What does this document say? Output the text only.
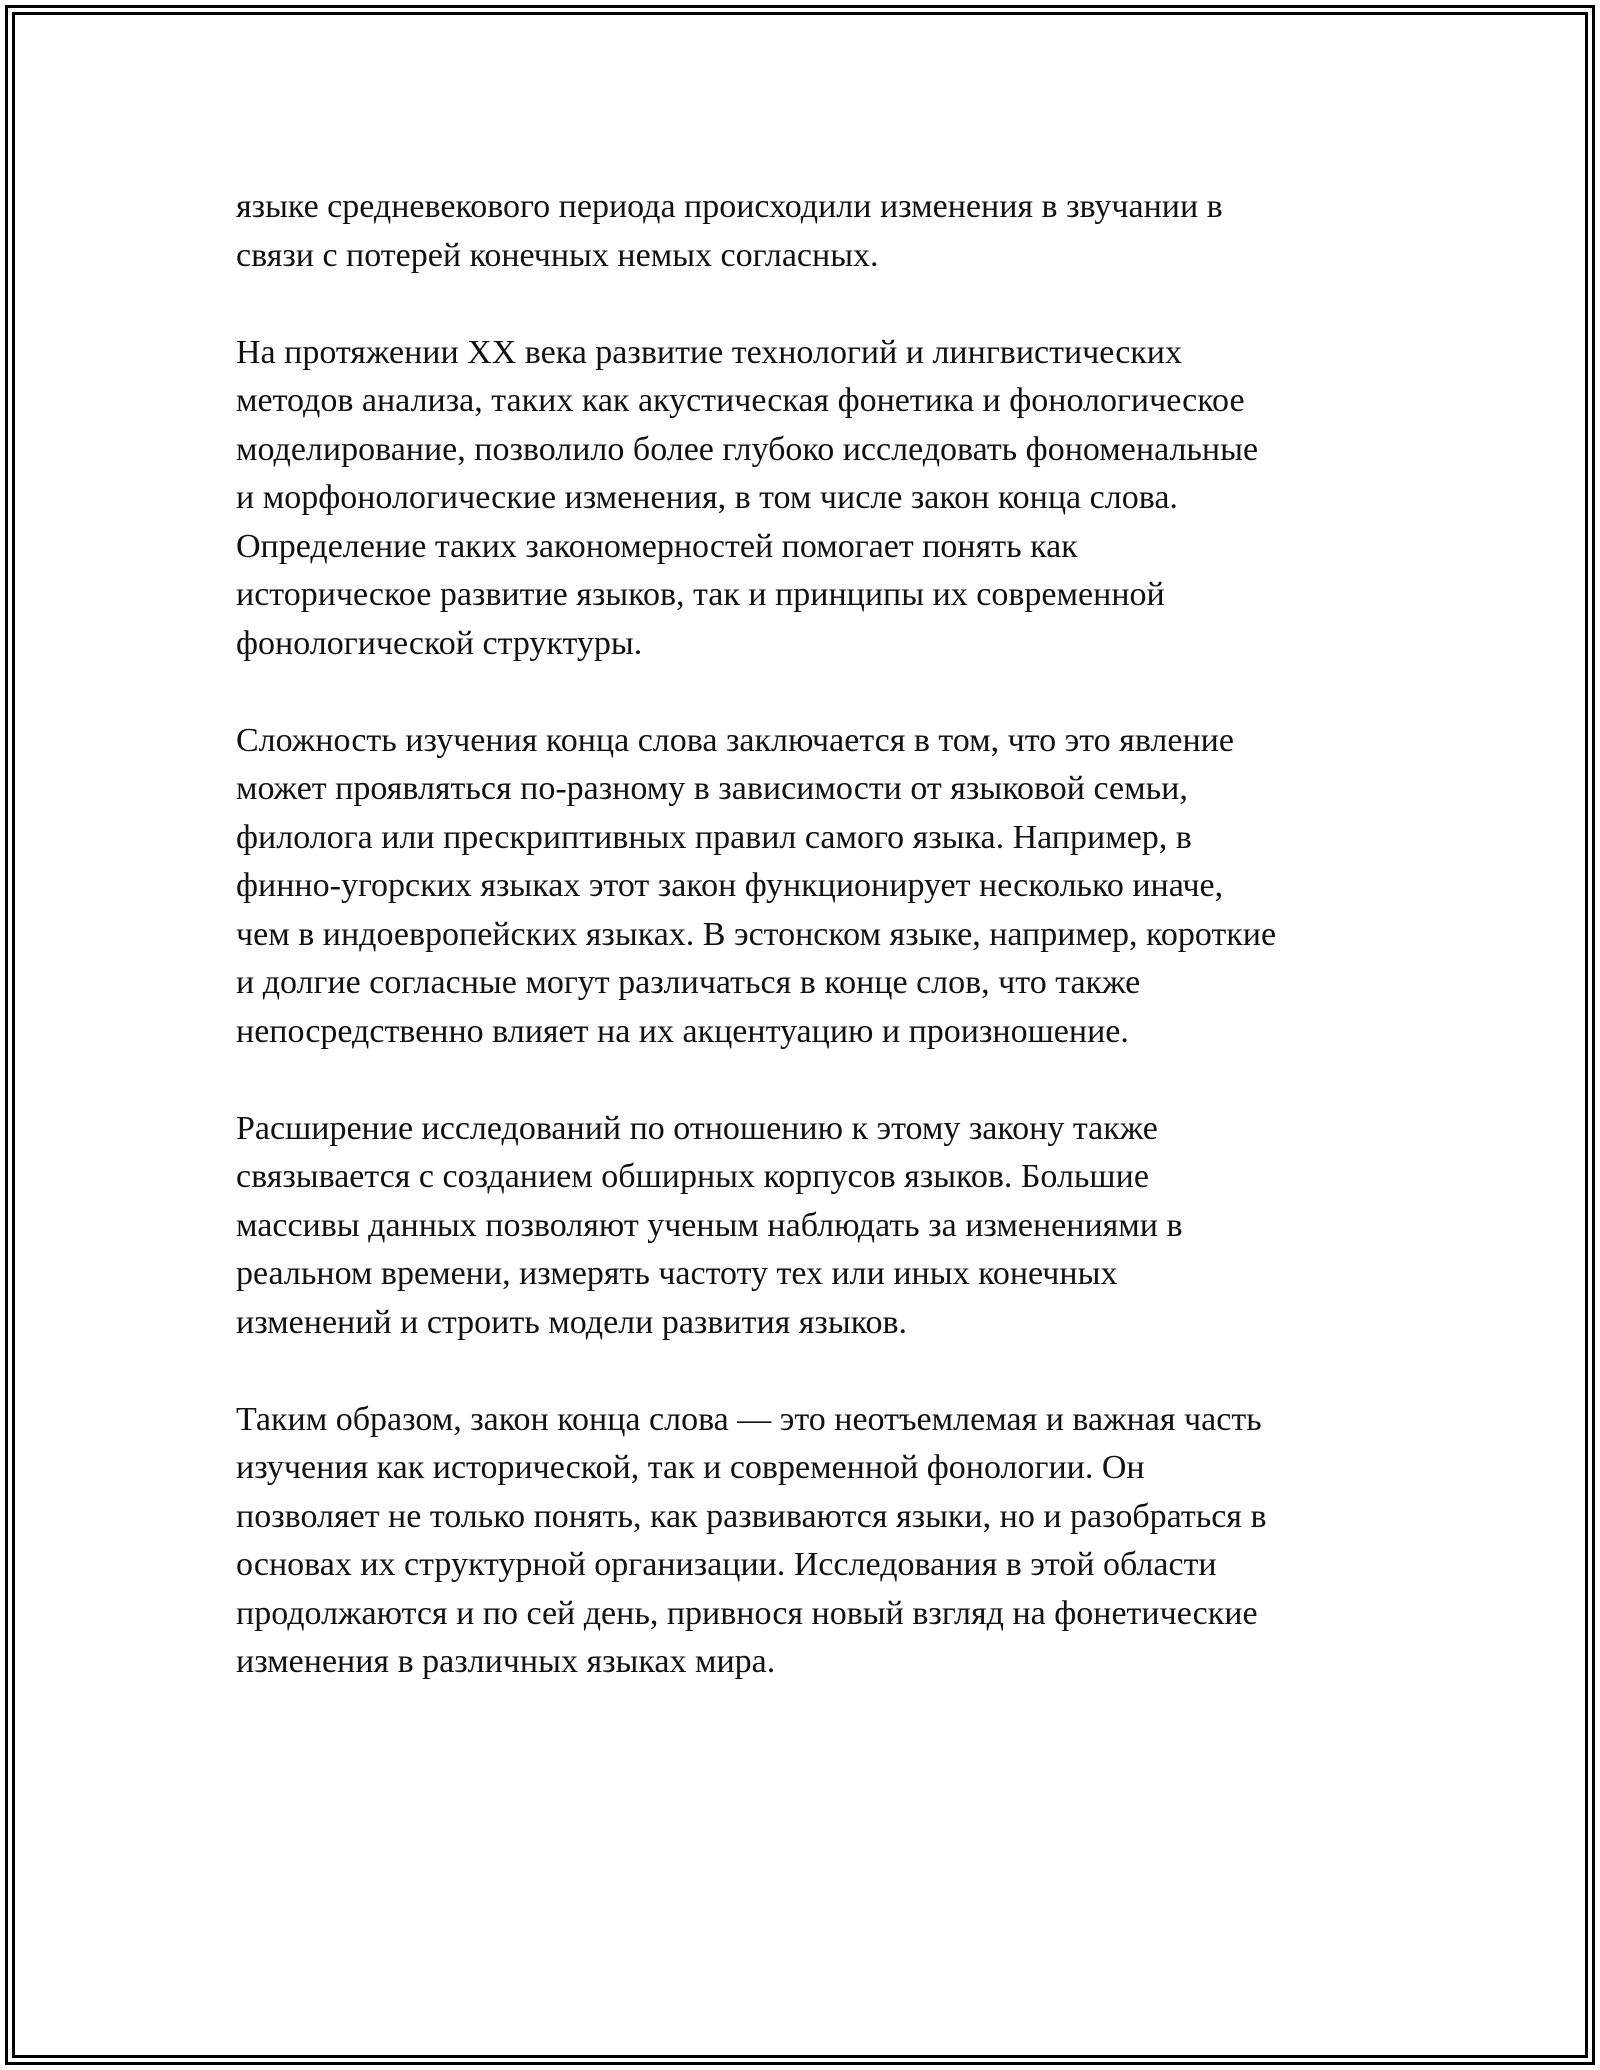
языке средневекового периода происходили изменения в звучании в
связи с потерей конечных немых согласных.

На протяжении XX века развитие технологий и лингвистических
методов анализа, таких как акустическая фонетика и фонологическое
моделирование, позволило более глубоко исследовать фономенальные
и морфонологические изменения, в том числе закон конца слова.
Определение таких закономерностей помогает понять как
историческое развитие языков, так и принципы их современной
фонологической структуры.

Сложность изучения конца слова заключается в том, что это явление
может проявляться по-разному в зависимости от языковой семьи,
филолога или прескриптивных правил самого языка. Например, в
финно-угорских языках этот закон функционирует несколько иначе,
чем в индоевропейских языках. В эстонском языке, например, короткие
и долгие согласные могут различаться в конце слов, что также
непосредственно влияет на их акцентуацию и произношение.

Расширение исследований по отношению к этому закону также
связывается с созданием обширных корпусов языков. Большие
массивы данных позволяют ученым наблюдать за изменениями в
реальном времени, измерять частоту тех или иных конечных
изменений и строить модели развития языков.

Таким образом, закон конца слова — это неотъемлемая и важная часть
изучения как исторической, так и современной фонологии. Он
позволяет не только понять, как развиваются языки, но и разобраться в
основах их структурной организации. Исследования в этой области
продолжаются и по сей день, привнося новый взгляд на фонетические
изменения в различных языках мира.
